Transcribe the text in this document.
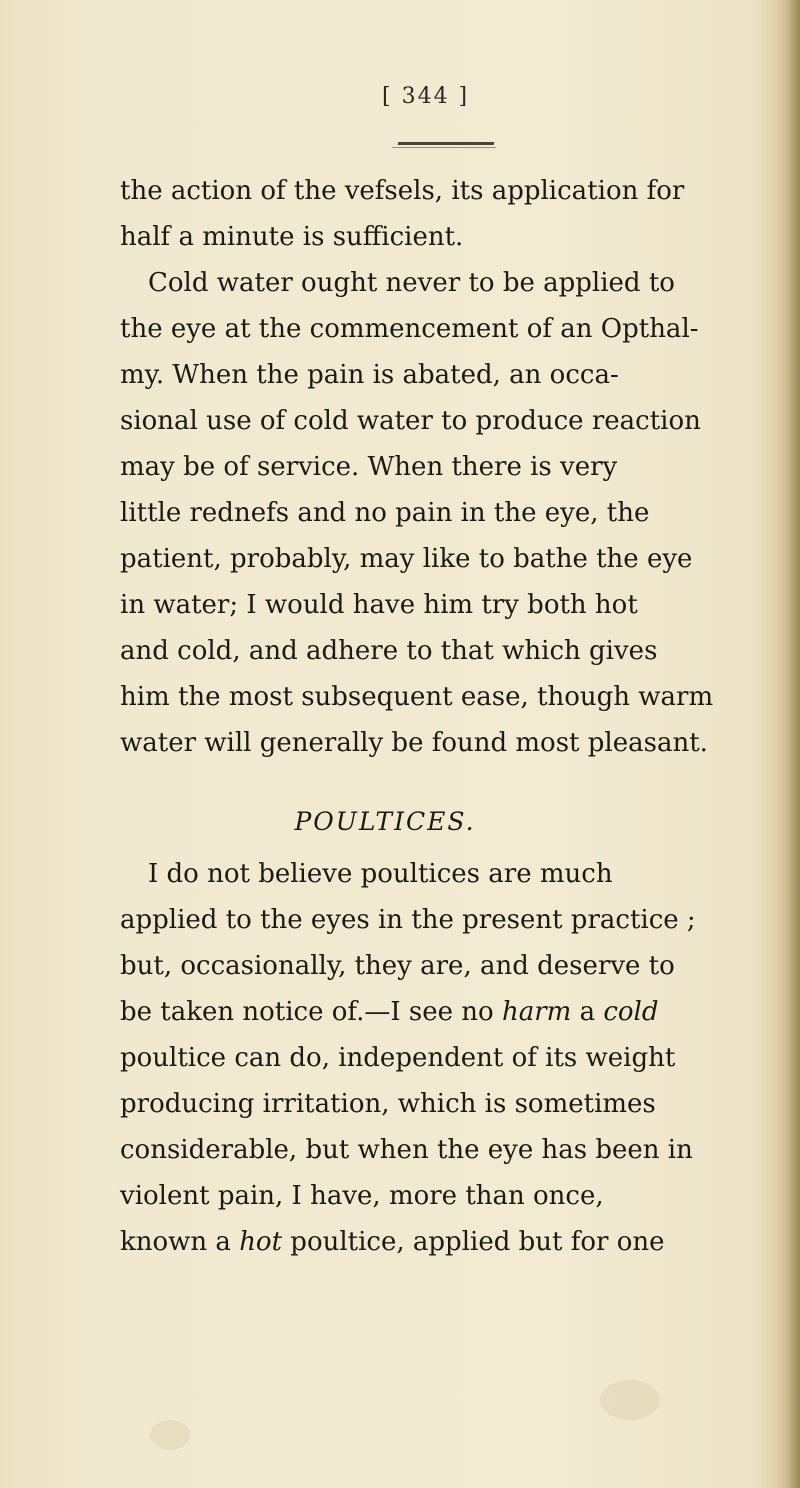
[ 344 ]
the action of the vefsels, its application for
half a minute is sufficient.
Cold water ought never to be applied to
the eye at the commencement of an Opthal-
my. When the pain is abated, an occa-
sional use of cold water to produce reaction
may be of service. When there is very
little rednefs and no pain in the eye, the
patient, probably, may like to bathe the eye
in water; I would have him try both hot
and cold, and adhere to that which gives
him the most subsequent ease, though warm
water will generally be found most pleasant.
POULTICES.
I do not believe poultices are much
applied to the eyes in the present practice ;
but, occasionally, they are, and deserve to
be taken notice of.—I see no harm a cold
poultice can do, independent of its weight
producing irritation, which is sometimes
considerable, but when the eye has been in
violent pain, I have, more than once,
known a hot poultice, applied but for one
